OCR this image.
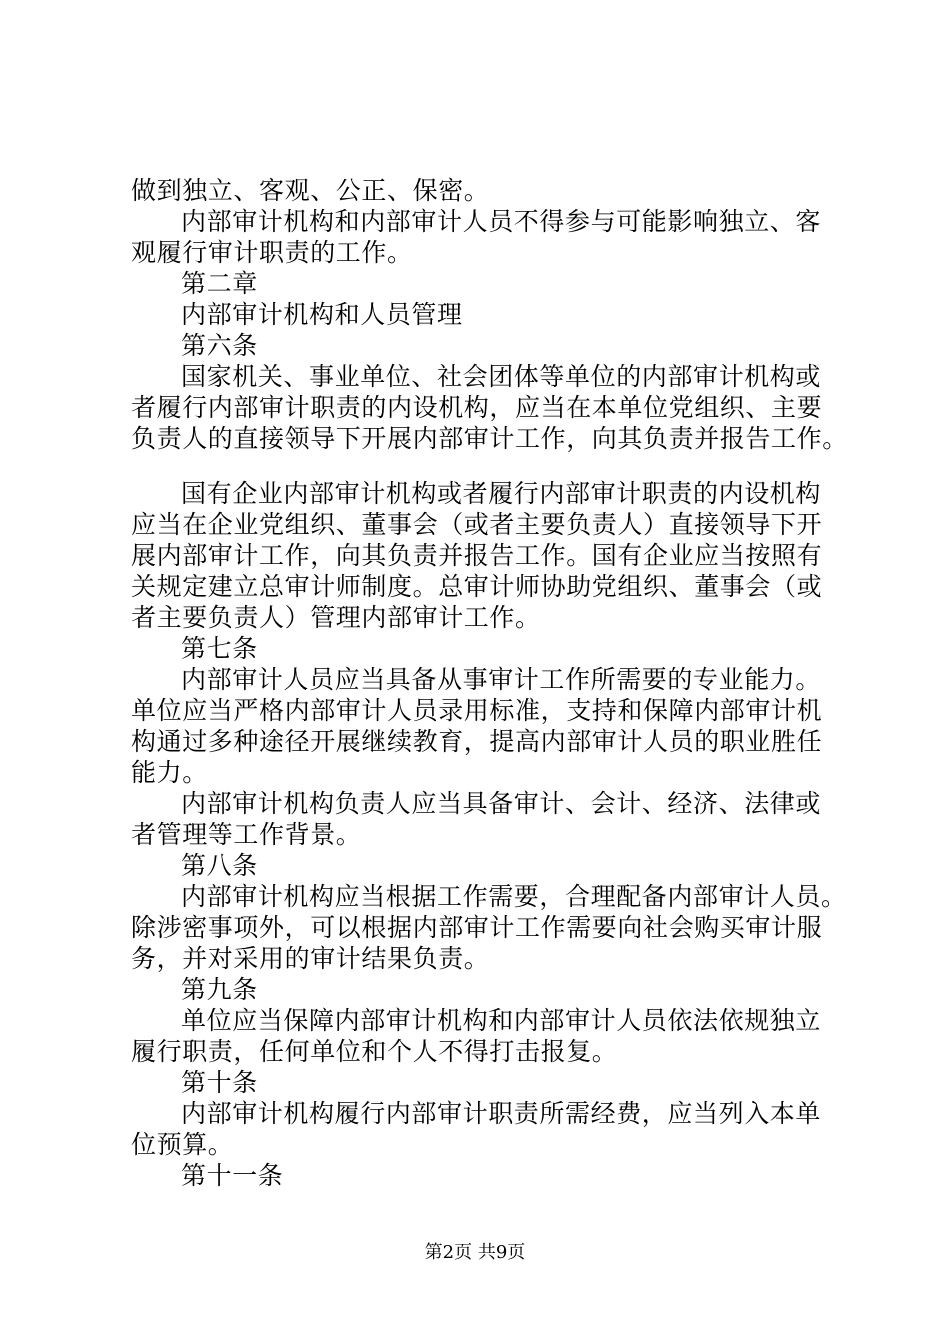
做到独立、客观、公正、保密。
内部审计机构和内部审计人员不得参与可能影响独立、客
观履行审计职责的工作。
第二章
内部审计机构和人员管理
第六条
国家机关、事业单位、社会团体等单位的内部审计机构或
者履行内部审计职责的内设机构，应当在本单位党组织、主要
负责人的直接领导下开展内部审计工作，向其负责并报告工作。
国有企业内部审计机构或者履行内部审计职责的内设机构
应当在企业党组织、董事会（或者主要负责人）直接领导下开
展内部审计工作，向其负责并报告工作。国有企业应当按照有
关规定建立总审计师制度。总审计师协助党组织、董事会（或
者主要负责人）管理内部审计工作。
第七条
内部审计人员应当具备从事审计工作所需要的专业能力。
单位应当严格内部审计人员录用标准，支持和保障内部审计机
构通过多种途径开展继续教育，提高内部审计人员的职业胜任
能力。
内部审计机构负责人应当具备审计、会计、经济、法律或
者管理等工作背景。
第八条
内部审计机构应当根据工作需要，合理配备内部审计人员。
除涉密事项外，可以根据内部审计工作需要向社会购买审计服
务，并对采用的审计结果负责。
第九条
单位应当保障内部审计机构和内部审计人员依法依规独立
履行职责，任何单位和个人不得打击报复。
第十条
内部审计机构履行内部审计职责所需经费，应当列入本单
位预算。
第十一条
第2页 共9页
